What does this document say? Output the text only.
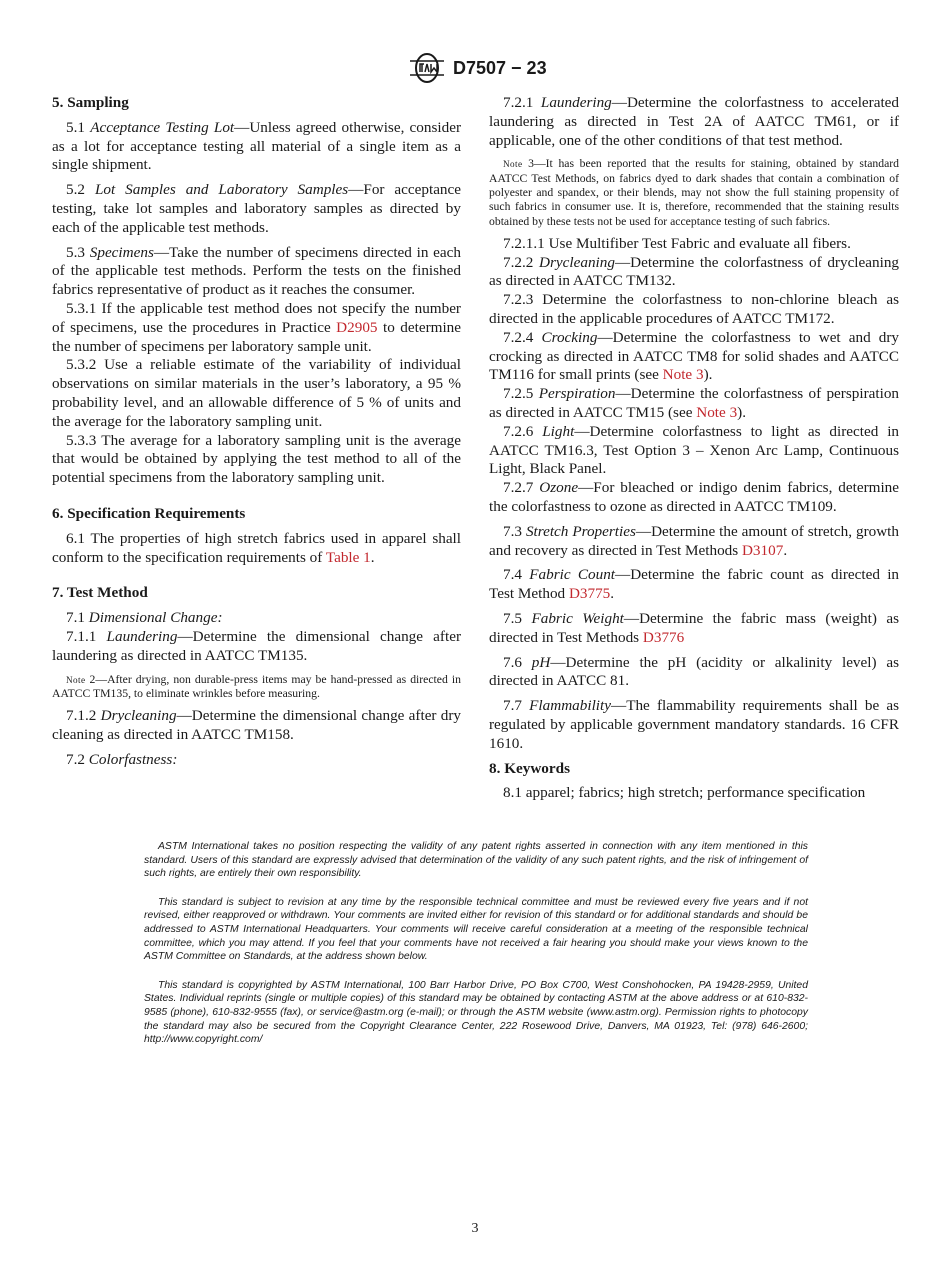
D7507 − 23
5. Sampling

5.1 Acceptance Testing Lot—Unless agreed otherwise, consider as a lot for acceptance testing all material of a single item as a single shipment.

5.2 Lot Samples and Laboratory Samples—For acceptance testing, take lot samples and laboratory samples as directed by each of the applicable test methods.

5.3 Specimens—Take the number of specimens directed in each of the applicable test methods. Perform the tests on the finished fabrics representative of product as it reaches the consumer.

5.3.1 If the applicable test method does not specify the number of specimens, use the procedures in Practice D2905 to determine the number of specimens per laboratory sample unit.

5.3.2 Use a reliable estimate of the variability of individual observations on similar materials in the user’s laboratory, a 95 % probability level, and an allowable difference of 5 % of units and the average for the laboratory sampling unit.

5.3.3 The average for a laboratory sampling unit is the average that would be obtained by applying the test method to all of the potential specimens from the laboratory sampling unit.

6. Specification Requirements

6.1 The properties of high stretch fabrics used in apparel shall conform to the specification requirements of Table 1.

7. Test Method

7.1 Dimensional Change:

7.1.1 Laundering—Determine the dimensional change after laundering as directed in AATCC TM135.

Note 2—After drying, non durable-press items may be hand-pressed as directed in AATCC TM135, to eliminate wrinkles before measuring.

7.1.2 Drycleaning—Determine the dimensional change after dry cleaning as directed in AATCC TM158.

7.2 Colorfastness:

7.2.1 Laundering—Determine the colorfastness to accelerated laundering as directed in Test 2A of AATCC TM61, or if applicable, one of the other conditions of that test method.

Note 3—It has been reported that the results for staining, obtained by standard AATCC Test Methods, on fabrics dyed to dark shades that contain a combination of polyester and spandex, or their blends, may not show the full staining propensity of such fabrics in consumer use. It is, therefore, recommended that the staining results obtained by these tests not be used for acceptance testing of such fabrics.

7.2.1.1 Use Multifiber Test Fabric and evaluate all fibers.

7.2.2 Drycleaning—Determine the colorfastness of drycleaning as directed in AATCC TM132.

7.2.3 Determine the colorfastness to non-chlorine bleach as directed in the applicable procedures of AATCC TM172.

7.2.4 Crocking—Determine the colorfastness to wet and dry crocking as directed in AATCC TM8 for solid shades and AATCC TM116 for small prints (see Note 3).

7.2.5 Perspiration—Determine the colorfastness of perspiration as directed in AATCC TM15 (see Note 3).

7.2.6 Light—Determine colorfastness to light as directed in AATCC TM16.3, Test Option 3 – Xenon Arc Lamp, Continuous Light, Black Panel.

7.2.7 Ozone—For bleached or indigo denim fabrics, determine the colorfastness to ozone as directed in AATCC TM109.

7.3 Stretch Properties—Determine the amount of stretch, growth and recovery as directed in Test Methods D3107.

7.4 Fabric Count—Determine the fabric count as directed in Test Method D3775.

7.5 Fabric Weight—Determine the fabric mass (weight) as directed in Test Methods D3776

7.6 pH—Determine the pH (acidity or alkalinity level) as directed in AATCC 81.

7.7 Flammability—The flammability requirements shall be as regulated by applicable government mandatory standards. 16 CFR 1610.

8. Keywords

8.1 apparel; fabrics; high stretch; performance specification

ASTM International takes no position respecting the validity of any patent rights asserted in connection with any item mentioned in this standard. Users of this standard are expressly advised that determination of the validity of any such patent rights, and the risk of infringement of such rights, are entirely their own responsibility.

This standard is subject to revision at any time by the responsible technical committee and must be reviewed every five years and if not revised, either reapproved or withdrawn. Your comments are invited either for revision of this standard or for additional standards and should be addressed to ASTM International Headquarters. Your comments will receive careful consideration at a meeting of the responsible technical committee, which you may attend. If you feel that your comments have not received a fair hearing you should make your views known to the ASTM Committee on Standards, at the address shown below.

This standard is copyrighted by ASTM International, 100 Barr Harbor Drive, PO Box C700, West Conshohocken, PA 19428-2959, United States. Individual reprints (single or multiple copies) of this standard may be obtained by contacting ASTM at the above address or at 610-832-9585 (phone), 610-832-9555 (fax), or service@astm.org (e-mail); or through the ASTM website (www.astm.org). Permission rights to photocopy the standard may also be secured from the Copyright Clearance Center, 222 Rosewood Drive, Danvers, MA 01923, Tel: (978) 646-2600; http://www.copyright.com/

3
